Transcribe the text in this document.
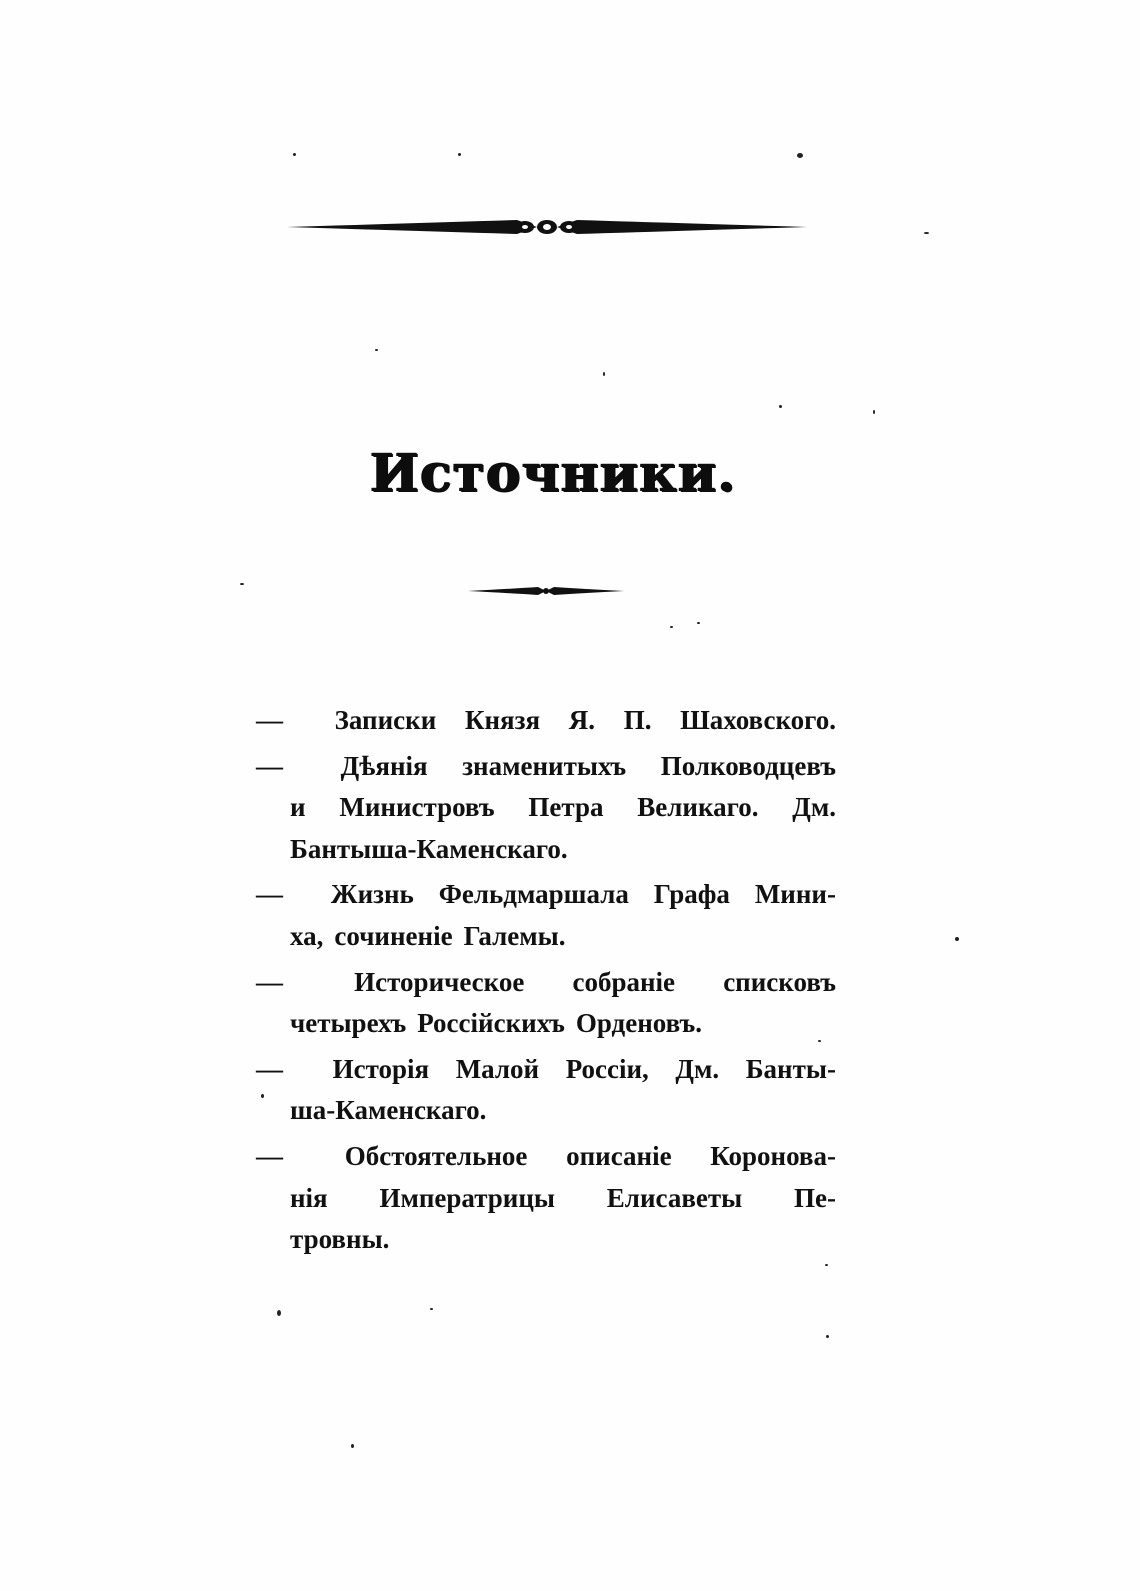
Источники.
—	Записки Князя Я. П. Шаховского.
—	Дѣянія знаменитыхъ Полководцевъ
и Министровъ Петра Великаго. Дм.
Бантыша-Каменскаго.
—	Жизнь Фельдмаршала Графа Мини-
ха, сочиненіе Галемы.
—	Историческое собраніе списковъ
четырехъ Россійскихъ Орденовъ.
—	Исторія Малой Россіи, Дм. Банты-
ша-Каменскаго.
—	Обстоятельное описаніе Коронова-
нія Императрицы Елисаветы Пе-
тровны.
